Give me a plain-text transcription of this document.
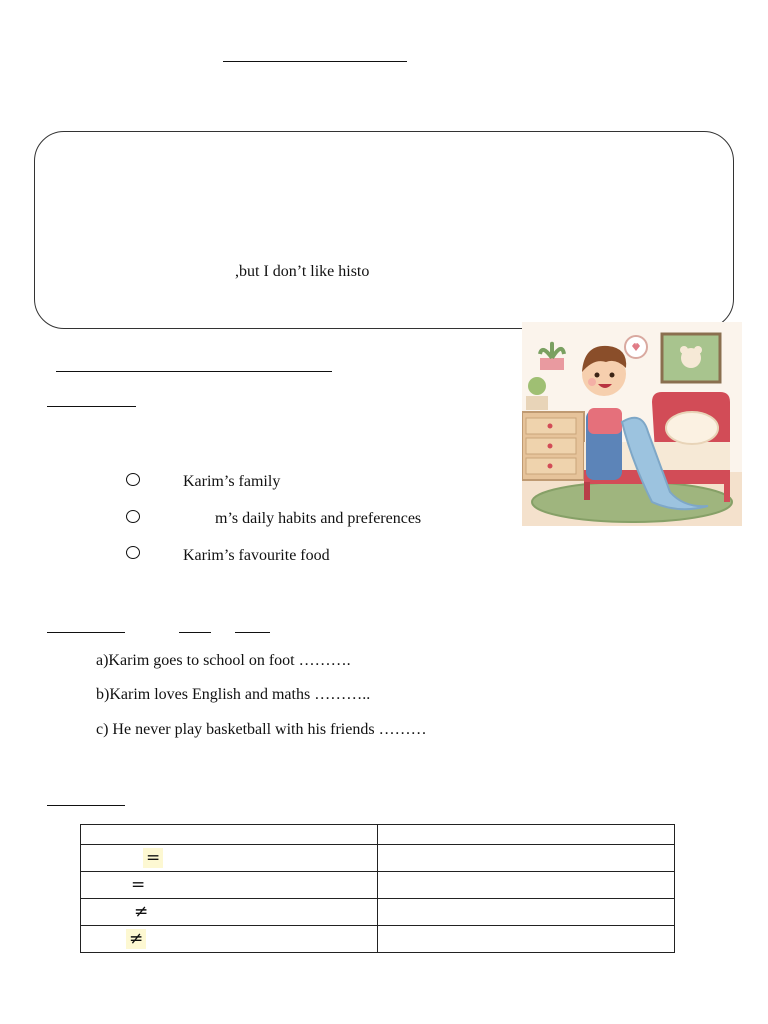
,but I don’t like histo
Karim’s family
m’s daily habits and preferences
Karim’s favourite food
a)Karim goes to school on foot ……….
b)Karim loves English and maths ………..
c) He never play basketball with his friends ………

=	

=	

≠	

≠	
